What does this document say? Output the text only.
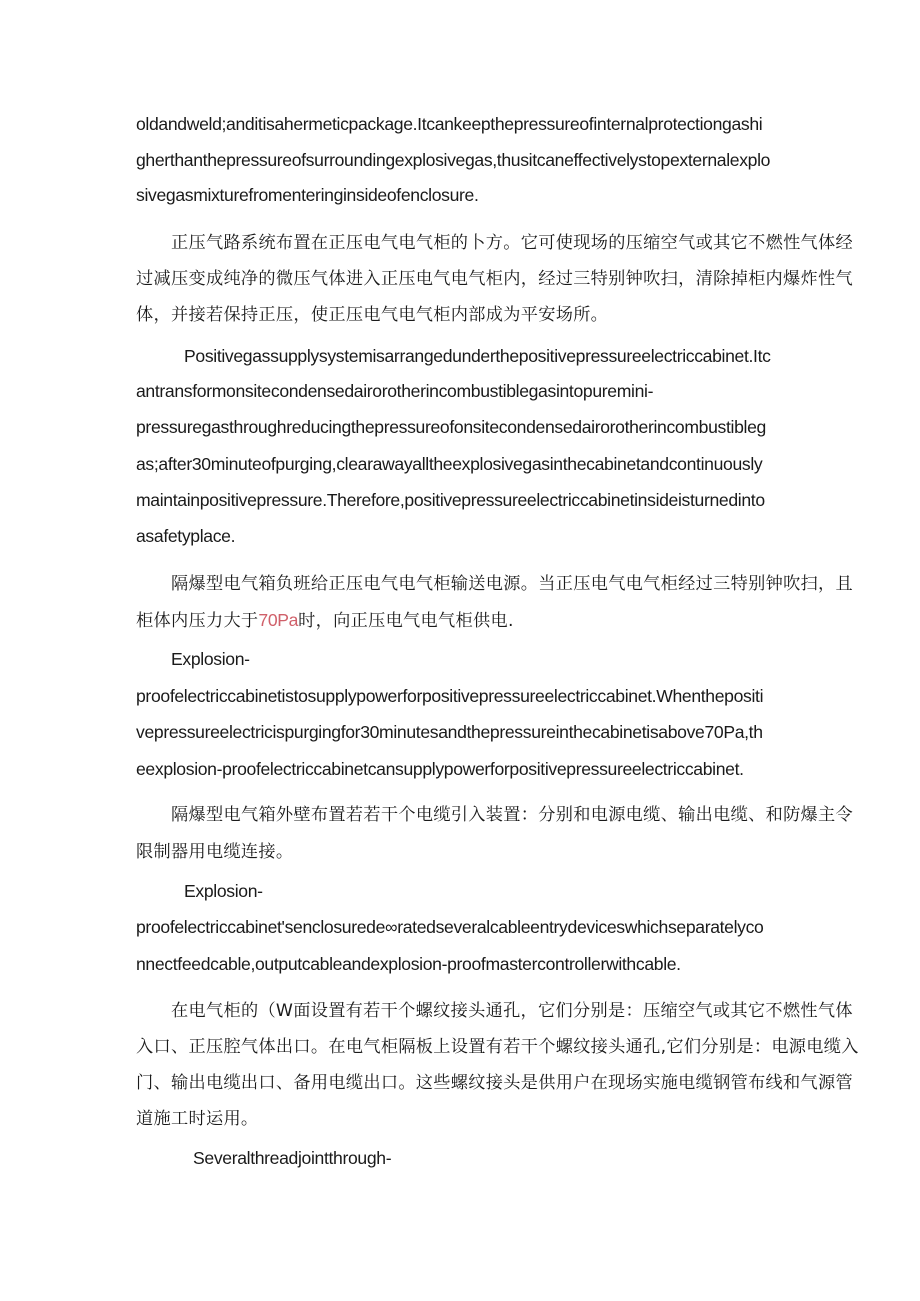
oldandweld;anditisahermeticpackage.Itcankeepthepressureofinternalprotectiongashi
gherthanthepressureofsurroundingexplosivegas,thusitcaneffectivelystopexternalexplo
sivegasmixturefromenteringinsideofenclosure.
正压气路系统布置在正压电气电气柜的卜方。它可使现场的压缩空气或其它不燃性气体经
过减压变成纯净的微压气体进入正压电气电气柜内，经过三特别钟吹扫，清除掉柜内爆炸性气
体，并接若保持正压，使正压电气电气柜内部成为平安场所。
Positivegassupplysystemisarrangedunderthepositivepressureelectriccabinet.Itc
antransformonsitecondensedairorotherincombustiblegasintopuremini-
pressuregasthroughreducingthepressureofonsitecondensedairorotherincombustibleg
as;after30minuteofpurging,clearawayalltheexplosivegasinthecabinetandcontinuously
maintainpositivepressure.Therefore,positivepressureelectriccabinetinsideisturnedinto
asafetyplace.
隔爆型电气箱负班给正压电气电气柜输送电源。当正压电气电气柜经过三特别钟吹扫，且
柜体内压力大于70Pa时，向正压电气电气柜供电.
Explosion-
proofelectriccabinetistosupplypowerforpositivepressureelectriccabinet.Whenthepositi
vepressureelectricispurgingfor30minutesandthepressureinthecabinetisabove70Pa,th
eexplosion-proofelectriccabinetcansupplypowerforpositivepressureelectriccabinet.
隔爆型电气箱外壁布置若若干个电缆引入装置：分别和电源电缆、输出电缆、和防爆主令
限制器用电缆连接。
Explosion-
proofelectriccabinet'senclosurede∞ratedseveralcableentrydeviceswhichseparatelyco
nnectfeedcable,outputcableandexplosion-proofmastercontrollerwithcable.
在电气柜的（W面设置有若干个螺纹接头通孔，它们分别是：压缩空气或其它不燃性气体
入口、正压腔气体出口。在电气柜隔板上设置有若干个螺纹接头通孔,它们分别是：电源电缆入
门、输出电缆出口、备用电缆出口。这些螺纹接头是供用户在现场实施电缆钢管布线和气源管
道施工时运用。
Severalthreadjointthrough-
